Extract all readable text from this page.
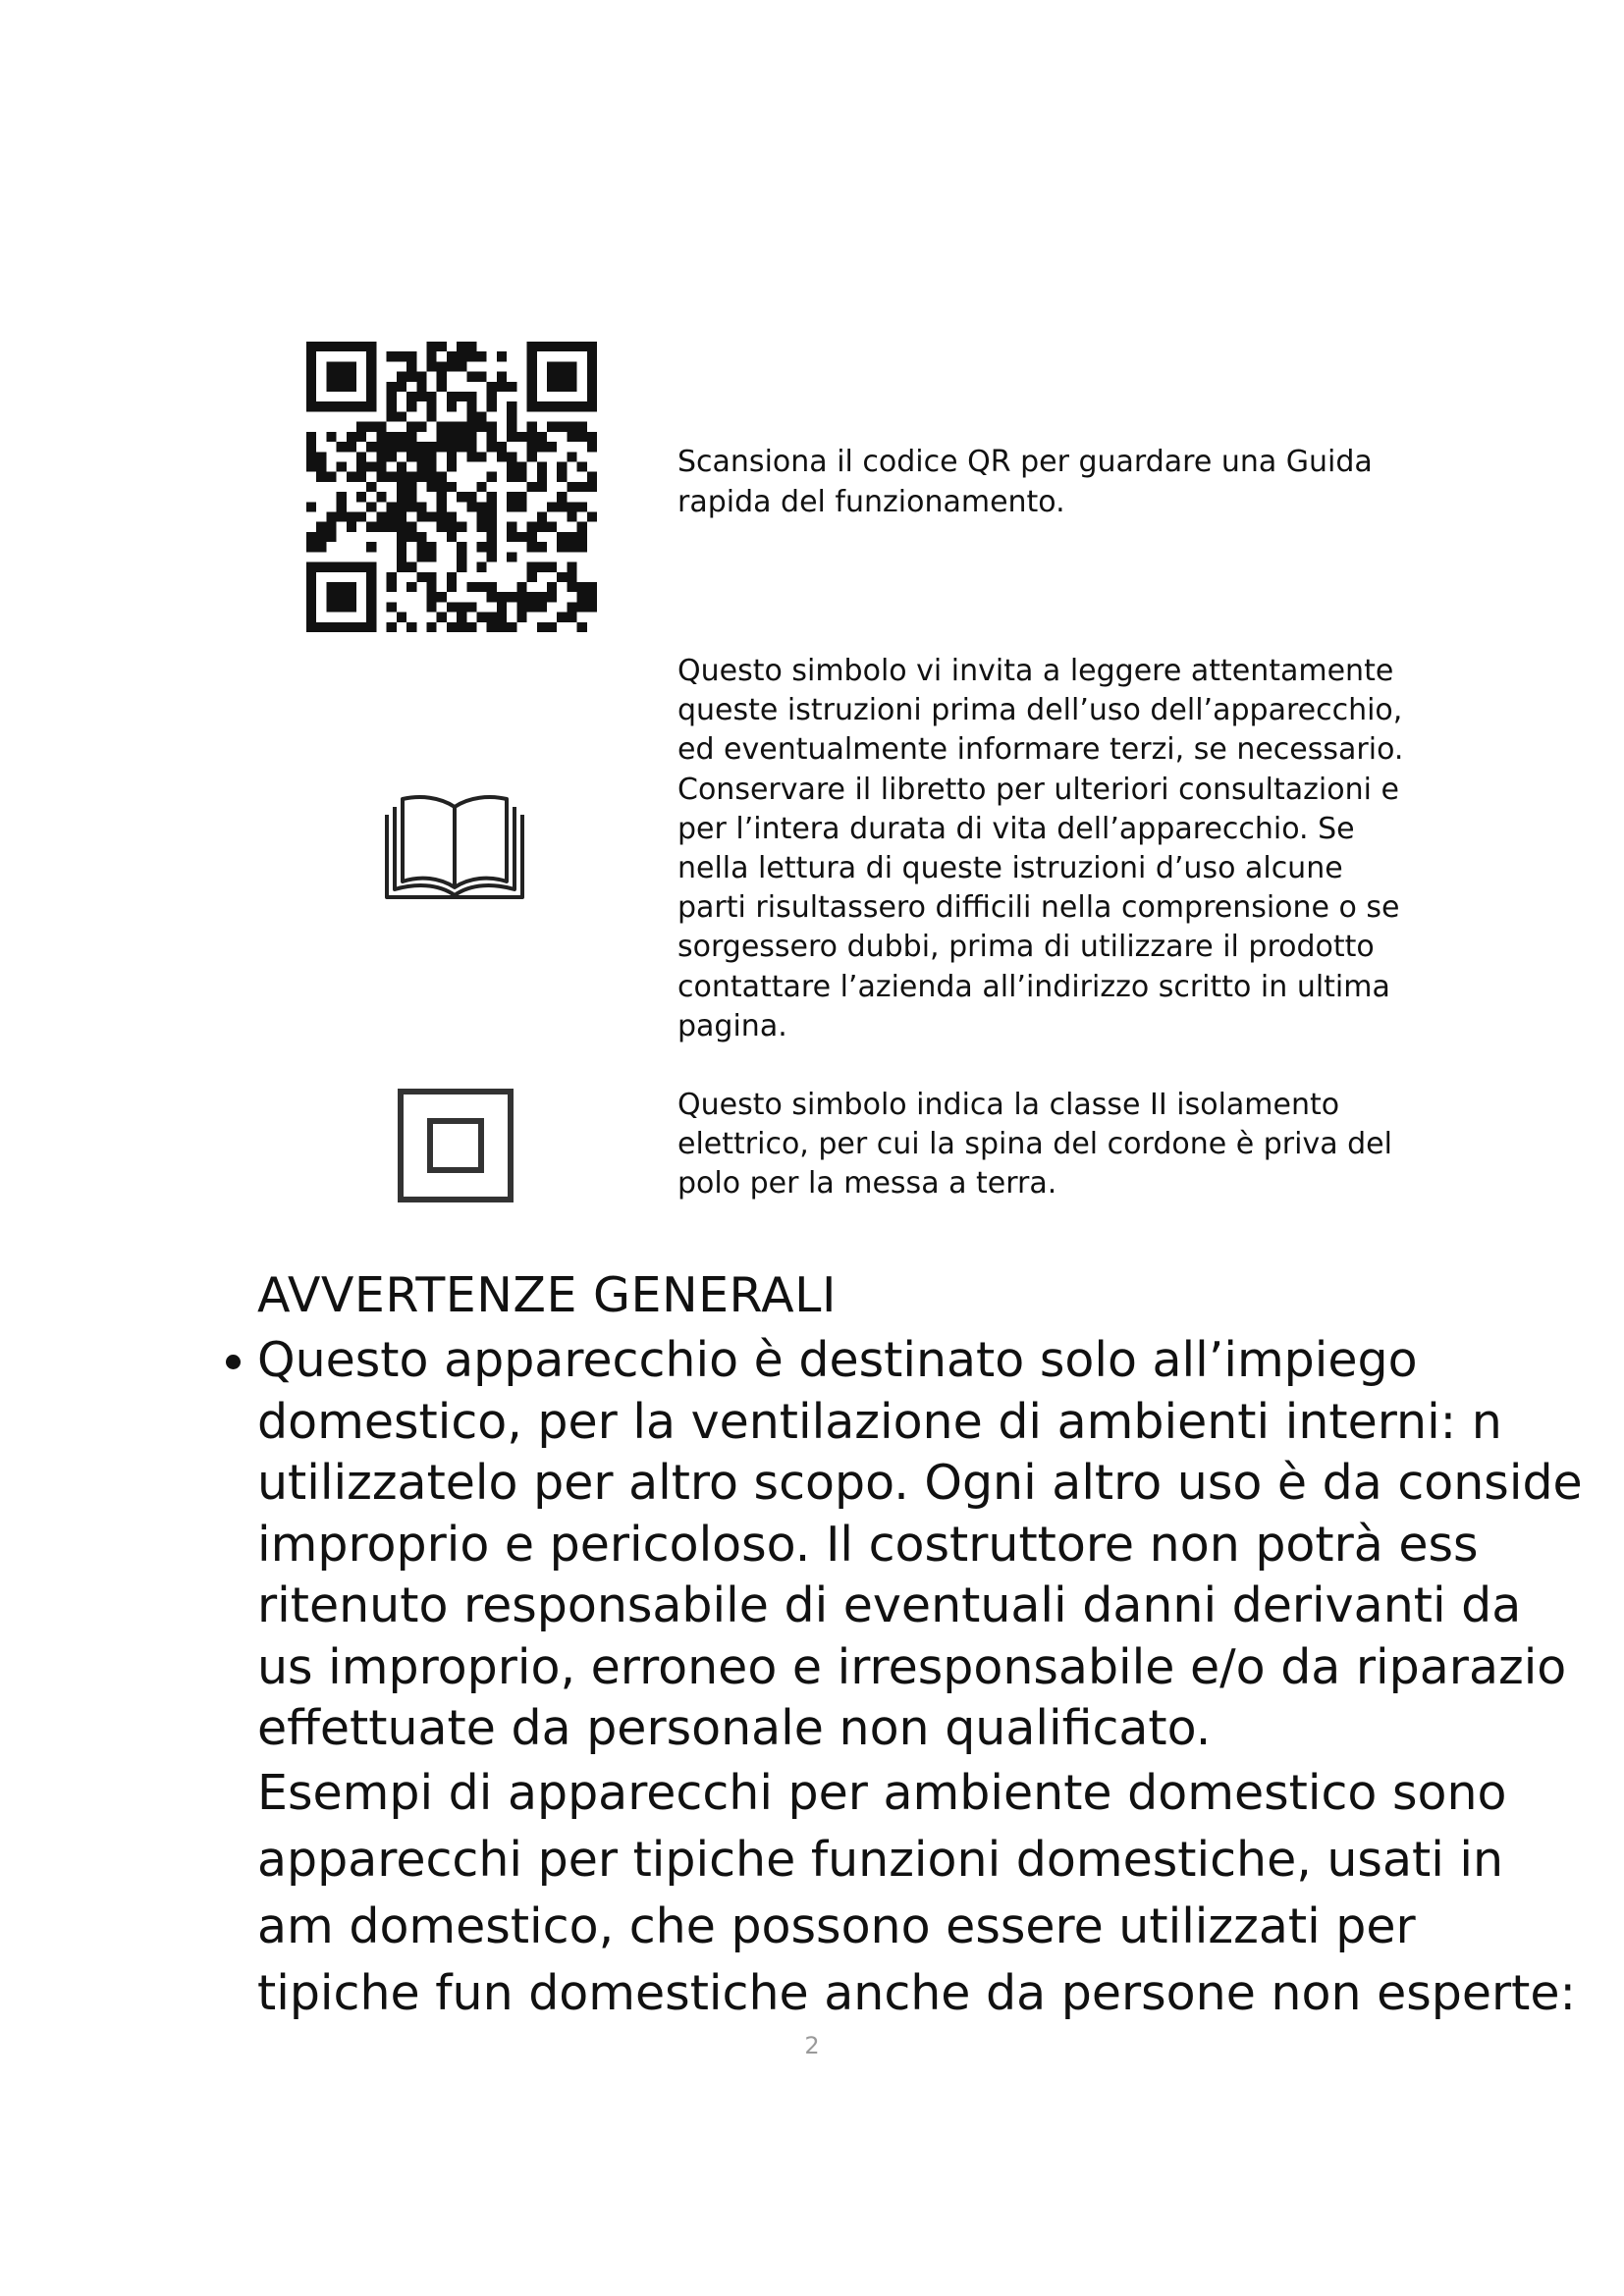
Scansiona il codice QR per guardare una Guida rapida del funzionamento.

Questo simbolo vi invita a leggere attentamente queste istruzioni prima dell’uso dell’apparecchio, ed eventualmente informare terzi, se necessario. Conservare il libretto per ulteriori consultazioni e per l’intera durata di vita dell’apparecchio. Se nella lettura di queste istruzioni d’uso alcune parti risultassero difficili nella comprensione o se sorgessero dubbi, prima di utilizzare il prodotto contattare l’azienda all’indirizzo scritto in ultima pagina.

Questo simbolo indica la classe II isolamento elettrico, per cui la spina del cordone è priva del polo per la messa a terra.

AVVERTENZE GENERALI

Questo apparecchio è destinato solo all’impiego domestico, per la ventilazione di ambienti interni: n utilizzatelo per altro scopo. Ogni altro uso è da conside improprio e pericoloso. Il costruttore non potrà ess ritenuto responsabile di eventuali danni derivanti da us improprio, erroneo e irresponsabile e/o da riparazio effettuate da personale non qualificato.

Esempi di apparecchi per ambiente domestico sono apparecchi per tipiche funzioni domestiche, usati in am domestico, che possono essere utilizzati per tipiche fun domestiche anche da persone non esperte:

2
